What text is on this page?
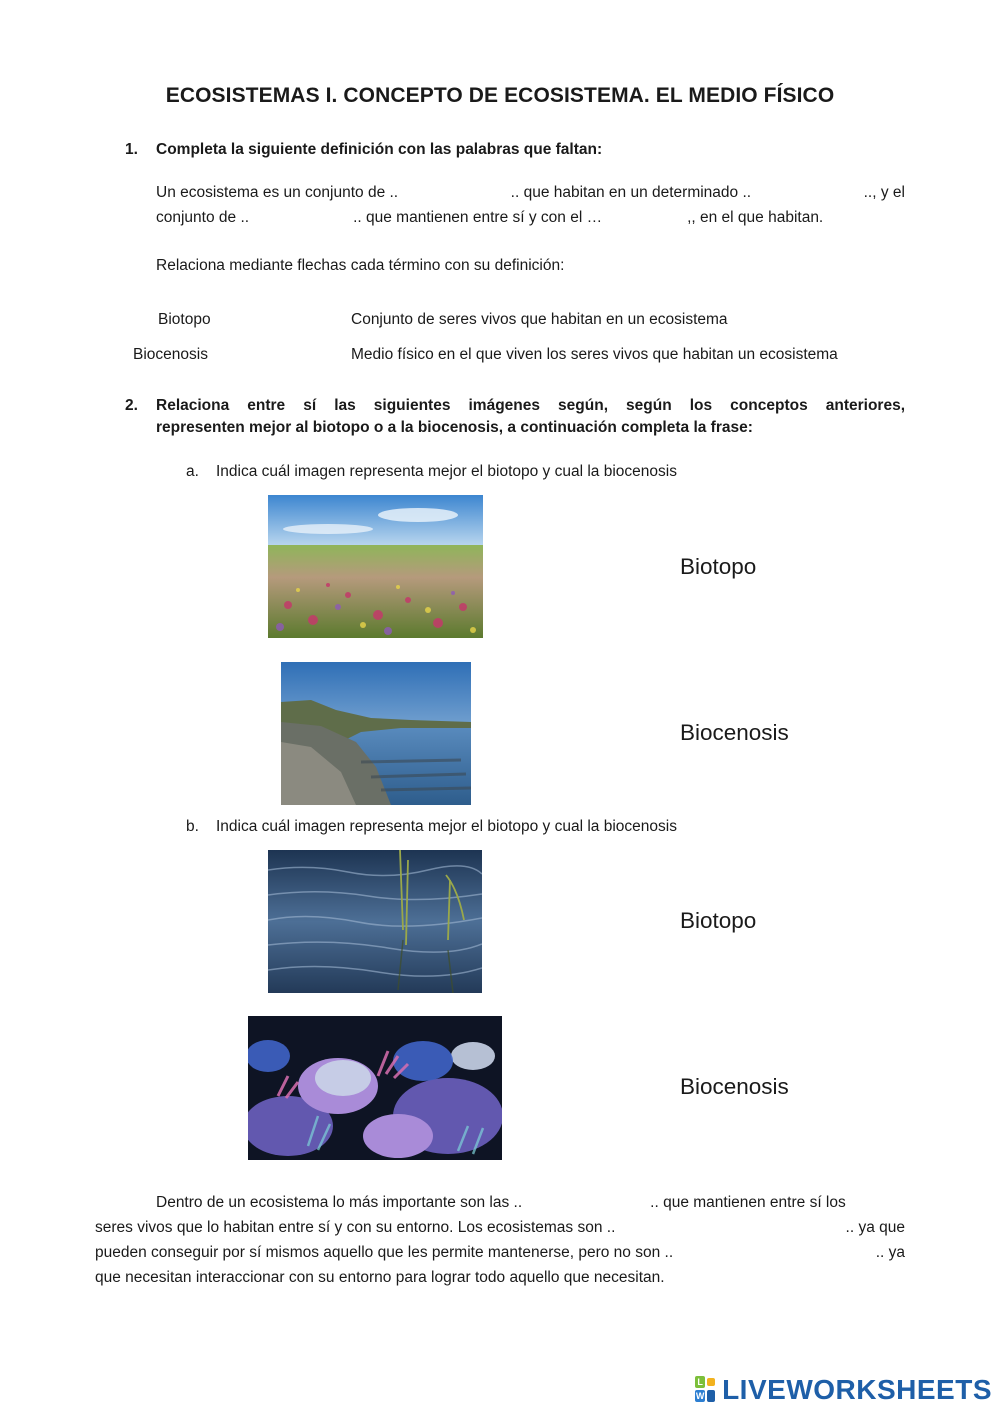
ECOSISTEMAS I. CONCEPTO DE ECOSISTEMA. EL MEDIO FÍSICO
1. Completa la siguiente definición con las palabras que faltan:
Un ecosistema es un conjunto de ..	.. que habitan en un determinado ..	.., y el
conjunto de ..	.. que mantienen entre sí y con el …	,, en el que habitan.
Relaciona mediante flechas cada término con su definición:
Biotopo	Conjunto de seres vivos que habitan en un ecosistema
Biocenosis	Medio físico en el que viven los seres vivos que habitan un ecosistema
2. Relaciona entre sí las siguientes imágenes según, según los conceptos anteriores,
representen mejor al biotopo o a la biocenosis, a continuación completa la frase:
a. Indica cuál imagen representa mejor el biotopo y cual la biocenosis
Biotopo
Biocenosis
b. Indica cuál imagen representa mejor el biotopo y cual la biocenosis
Biotopo
Biocenosis
Dentro de un ecosistema lo más importante son las ..	.. que mantienen entre sí los
seres vivos que lo habitan entre sí y con su entorno. Los ecosistemas son ..	.. ya que
pueden conseguir por sí mismos aquello que les permite mantenerse, pero no son ..	.. ya
que necesitan interaccionar con su entorno para lograr todo aquello que necesitan.
L
W LIVEWORKSHEETS
